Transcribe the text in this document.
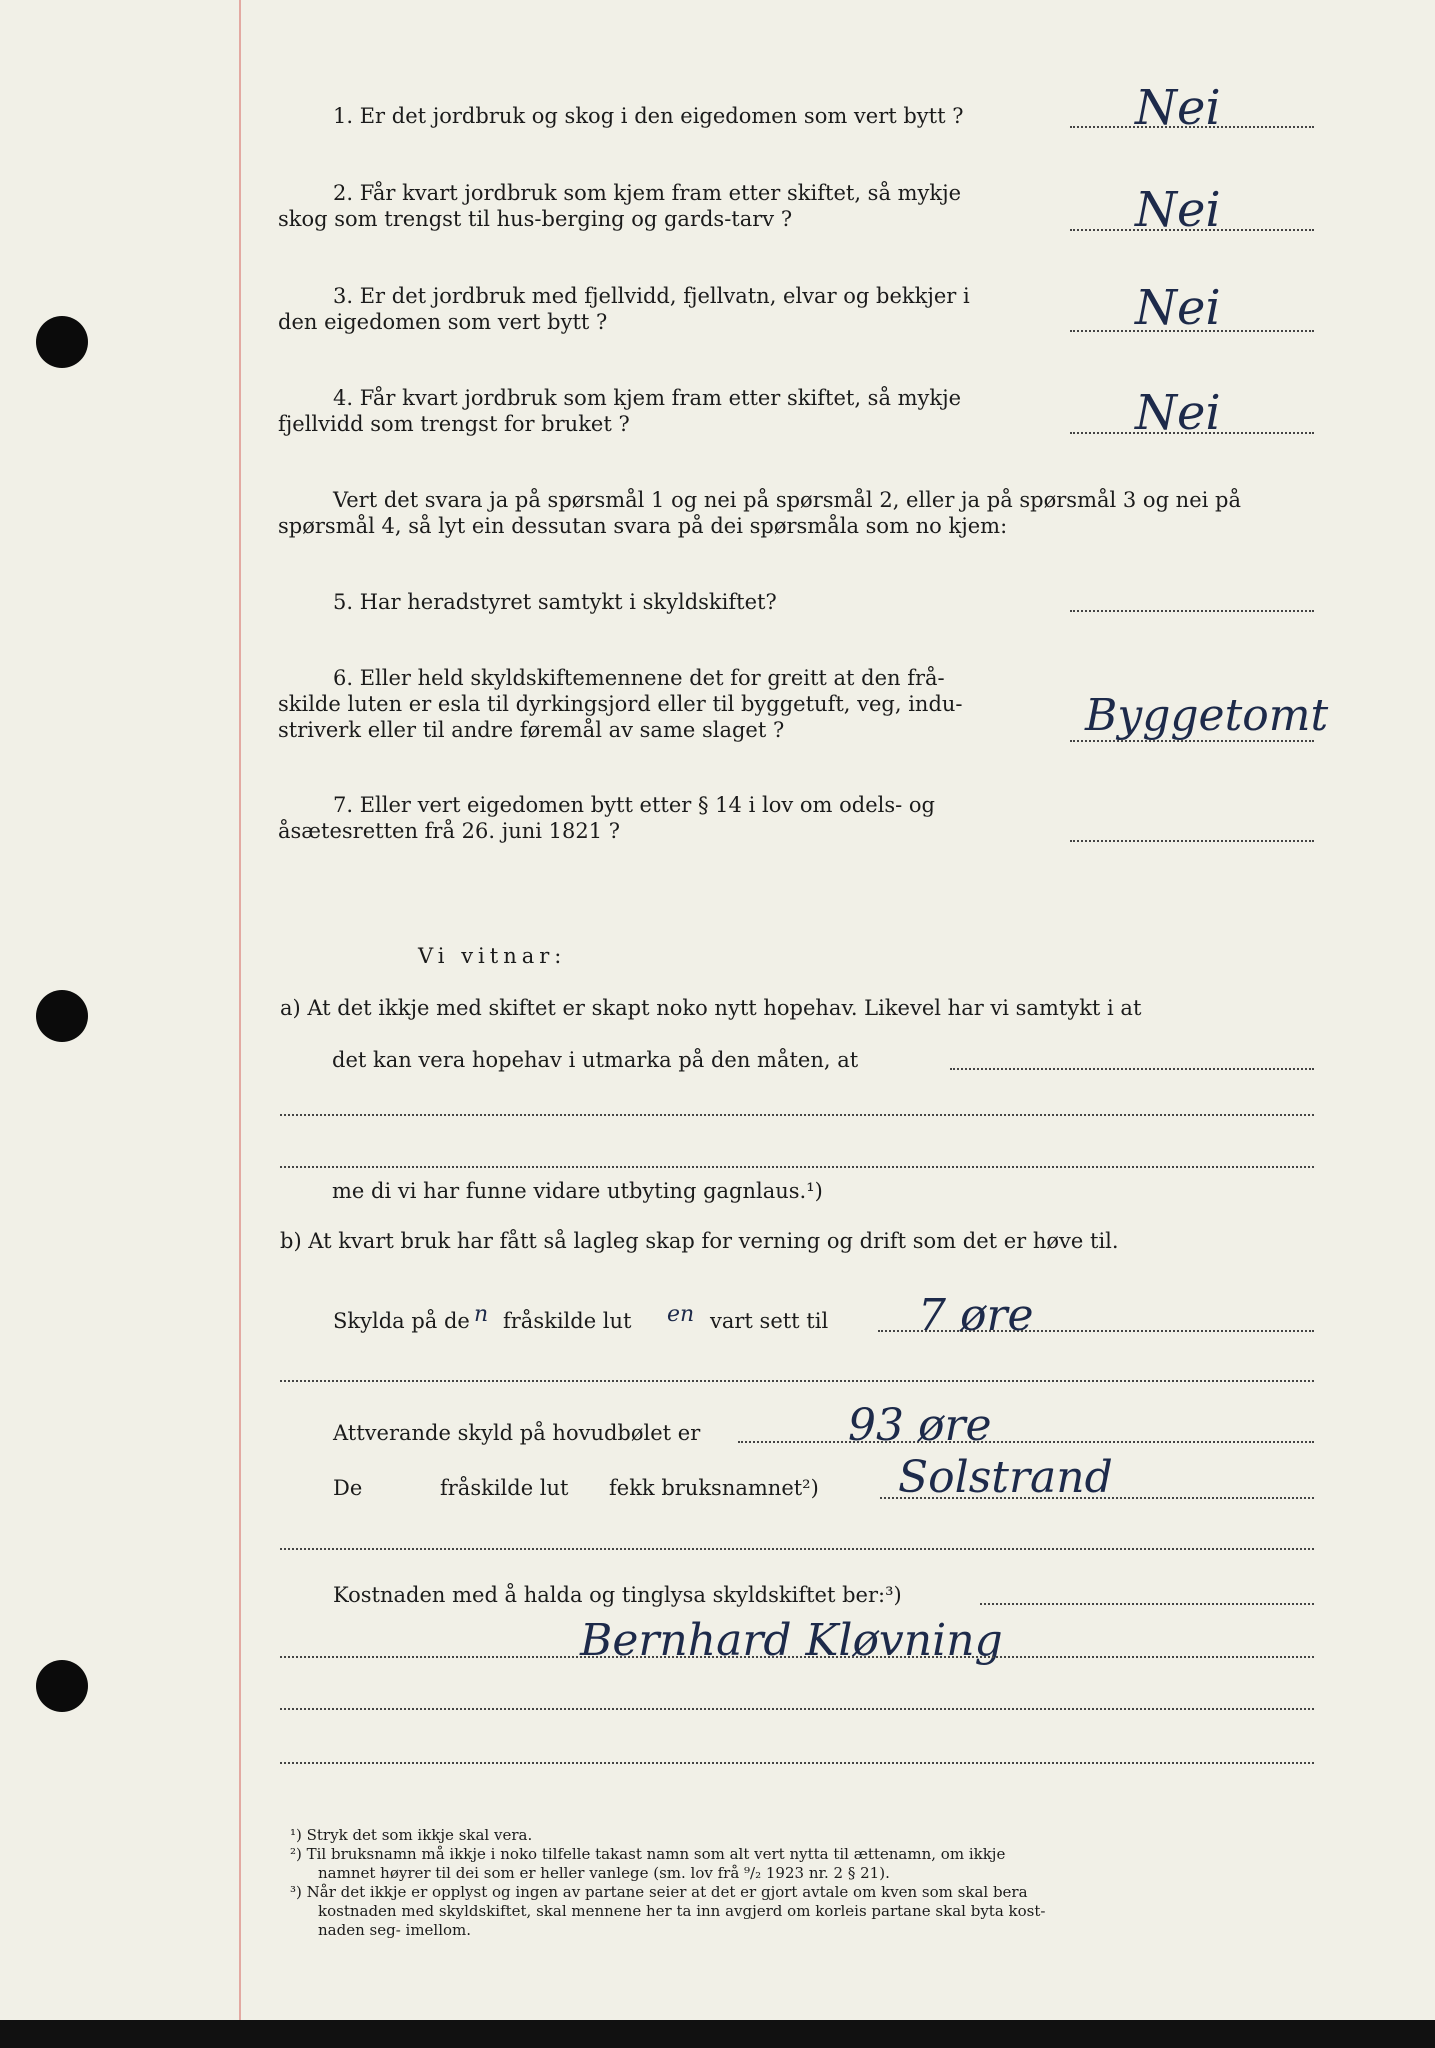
1. Er det jordbruk og skog i den eigedomen som vert bytt ?	Nei
2. Får kvart jordbruk som kjem fram etter skiftet, så mykje
skog som trengst til hus-berging og gards-tarv ?	Nei
3. Er det jordbruk med fjellvidd, fjellvatn, elvar og bekkjer i
den eigedomen som vert bytt ?	Nei
4. Får kvart jordbruk som kjem fram etter skiftet, så mykje
fjellvidd som trengst for bruket ?	Nei
Vert det svara ja på spørsmål 1 og nei på spørsmål 2, eller ja på spørsmål 3 og nei på
spørsmål 4, så lyt ein dessutan svara på dei spørsmåla som no kjem:
5. Har heradstyret samtykt i skyldskiftet?
6. Eller held skyldskiftemennene det for greitt at den frå-
skilde luten er esla til dyrkingsjord eller til byggetuft, veg, indu-
striverk eller til andre føremål av same slaget ?	Byggetomt
7. Eller vert eigedomen bytt etter § 14 i lov om odels- og
åsætesretten frå 26. juni 1821 ?
Vi vitnar:
a) At det ikkje med skiftet er skapt noko nytt hopehav. Likevel har vi samtykt i at
det kan vera hopehav i utmarka på den måten, at
me di vi har funne vidare utbyting gagnlaus.¹)
b) At kvart bruk har fått så lagleg skap for verning og drift som det er høve til.
Skylda på de n fråskilde lut en vart sett til 7 øre
Attverande skyld på hovudbølet er	93 øre
De	fråskilde lut fekk bruksnamnet²) Solstrand
Kostnaden med å halda og tinglysa skyldskiftet ber:³)
Bernhard Kløvning
¹) Stryk det som ikkje skal vera.
²) Til bruksnamn må ikkje i noko tilfelle takast namn som alt vert nytta til ættenamn, om ikkje
namnet høyrer til dei som er heller vanlege (sm. lov frå ⁹/₂ 1923 nr. 2 § 21).
³) Når det ikkje er opplyst og ingen av partane seier at det er gjort avtale om kven som skal bera
kostnaden med skyldskiftet, skal mennene her ta inn avgjerd om korleis partane skal byta kost-
naden seg- imellom.
